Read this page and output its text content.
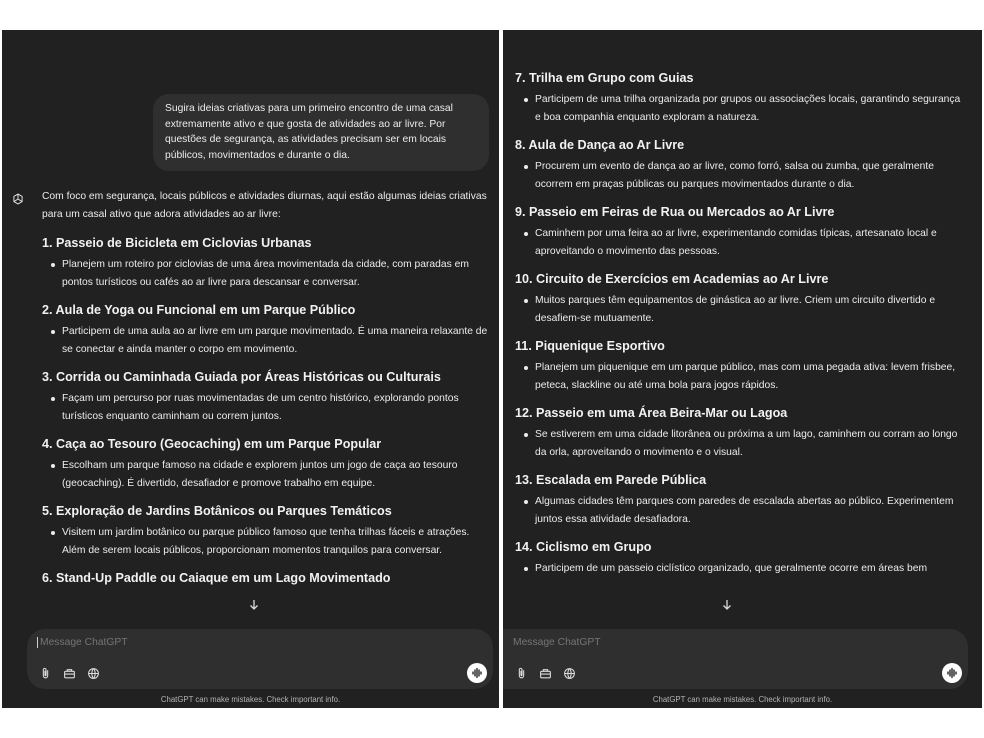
Sugira ideias criativas para um primeiro encontro de uma casal extremamente ativo e que gosta de atividades ao ar livre. Por questões de segurança, as atividades precisam ser em locais públicos, movimentados e durante o dia.

Com foco em segurança, locais públicos e atividades diurnas, aqui estão algumas ideias criativas para um casal ativo que adora atividades ao ar livre:

1. Passeio de Bicicleta em Ciclovias Urbanas
Planejem um roteiro por ciclovias de uma área movimentada da cidade, com paradas em pontos turísticos ou cafés ao ar livre para descansar e conversar.
2. Aula de Yoga ou Funcional em um Parque Público
Participem de uma aula ao ar livre em um parque movimentado. É uma maneira relaxante de se conectar e ainda manter o corpo em movimento.
3. Corrida ou Caminhada Guiada por Áreas Históricas ou Culturais
Façam um percurso por ruas movimentadas de um centro histórico, explorando pontos turísticos enquanto caminham ou correm juntos.
4. Caça ao Tesouro (Geocaching) em um Parque Popular
Escolham um parque famoso na cidade e explorem juntos um jogo de caça ao tesouro (geocaching). É divertido, desafiador e promove trabalho em equipe.
5. Exploração de Jardins Botânicos ou Parques Temáticos
Visitem um jardim botânico ou parque público famoso que tenha trilhas fáceis e atrações. Além de serem locais públicos, proporcionam momentos tranquilos para conversar.
6. Stand-Up Paddle ou Caiaque em um Lago Movimentado
Message ChatGPT
ChatGPT can make mistakes. Check important info.
7. Trilha em Grupo com Guias
Participem de uma trilha organizada por grupos ou associações locais, garantindo segurança e boa companhia enquanto exploram a natureza.
8. Aula de Dança ao Ar Livre
Procurem um evento de dança ao ar livre, como forró, salsa ou zumba, que geralmente ocorrem em praças públicas ou parques movimentados durante o dia.
9. Passeio em Feiras de Rua ou Mercados ao Ar Livre
Caminhem por uma feira ao ar livre, experimentando comidas típicas, artesanato local e aproveitando o movimento das pessoas.
10. Circuito de Exercícios em Academias ao Ar Livre
Muitos parques têm equipamentos de ginástica ao ar livre. Criem um circuito divertido e desafiem-se mutuamente.
11. Piquenique Esportivo
Planejem um piquenique em um parque público, mas com uma pegada ativa: levem frisbee, peteca, slackline ou até uma bola para jogos rápidos.
12. Passeio em uma Área Beira-Mar ou Lagoa
Se estiverem em uma cidade litorânea ou próxima a um lago, caminhem ou corram ao longo da orla, aproveitando o movimento e o visual.
13. Escalada em Parede Pública
Algumas cidades têm parques com paredes de escalada abertas ao público. Experimentem juntos essa atividade desafiadora.
14. Ciclismo em Grupo
Participem de um passeio ciclístico organizado, que geralmente ocorre em áreas bem
Message ChatGPT
ChatGPT can make mistakes. Check important info.
